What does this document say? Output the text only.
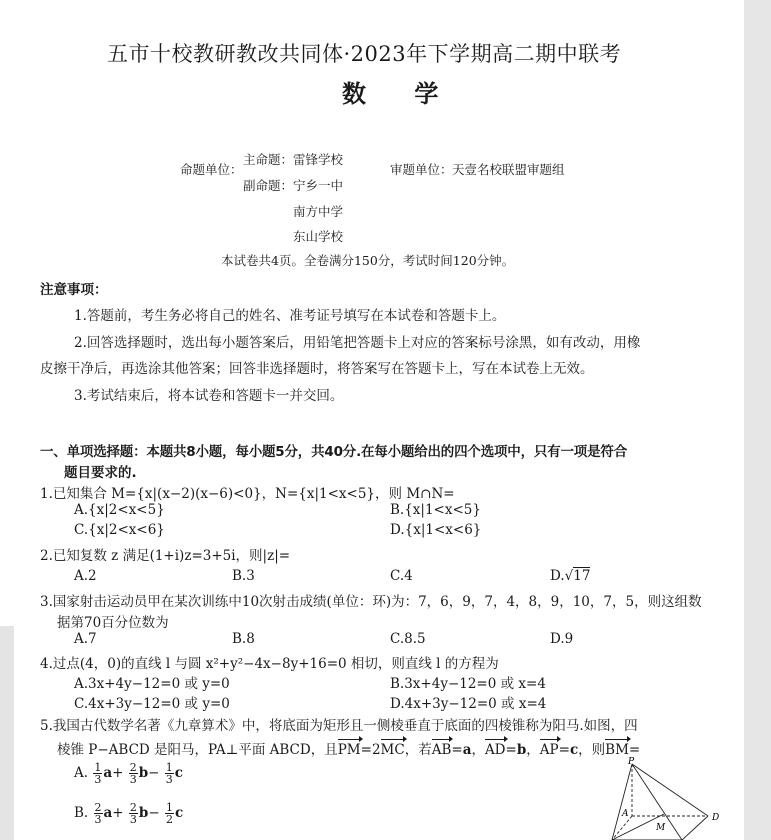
五市十校教研教改共同体·2023年下学期高二期中联考
数 学
命题单位：
主命题： 雷锋学校
副命题： 宁乡一中
南方中学
东山学校
审题单位： 天壹名校联盟审题组
本试卷共4页。全卷满分150分，考试时间120分钟。
注意事项：
1.答题前，考生务必将自己的姓名、准考证号填写在本试卷和答题卡上。
2.回答选择题时，选出每小题答案后，用铅笔把答题卡上对应的答案标号涂黑，如有改动，用橡
皮擦干净后，再选涂其他答案；回答非选择题时，将答案写在答题卡上，写在本试卷上无效。
3.考试结束后，将本试卷和答题卡一并交回。
一、单项选择题：本题共8小题，每小题5分，共40分.在每小题给出的四个选项中，只有一项是符合
题目要求的.
1.已知集合 M={x|(x−2)(x−6)<0}，N={x|1<x<5}，则 M∩N=
A.{x|2<x<5}	B.{x|1<x<5}
C.{x|2<x<6}	D.{x|1<x<6}
2.已知复数 z 满足(1+i)z=3+5i，则|z|=
A.2	B.3	C.4	D.√17
3.国家射击运动员甲在某次训练中10次射击成绩(单位：环)为：7，6，9，7，4，8，9，10，7，5，则这组数
据第70百分位数为
A.7	B.8	C.8.5	D.9
4.过点(4，0)的直线 l 与圆 x²+y²−4x−8y+16=0 相切，则直线 l 的方程为
A.3x+4y−12=0 或 y=0	B.3x+4y−12=0 或 x=4
C.4x+3y−12=0 或 y=0	D.4x+3y−12=0 或 x=4
5.我国古代数学名著《九章算术》中，将底面为矩形且一侧棱垂直于底面的四棱锥称为阳马.如图，四
棱锥 P−ABCD 是阳马，PA⊥平面 ABCD，且PM=2MC，若AB=a，AD=b，AP=c，则BM=
A. $\frac{1}{3} a+ \frac{2}{3} b- \frac{1}{3}$ c
B. $\frac{2}{3} a+ \frac{2}{3} b- \frac{1}{2}$ c
P
A	D
M
